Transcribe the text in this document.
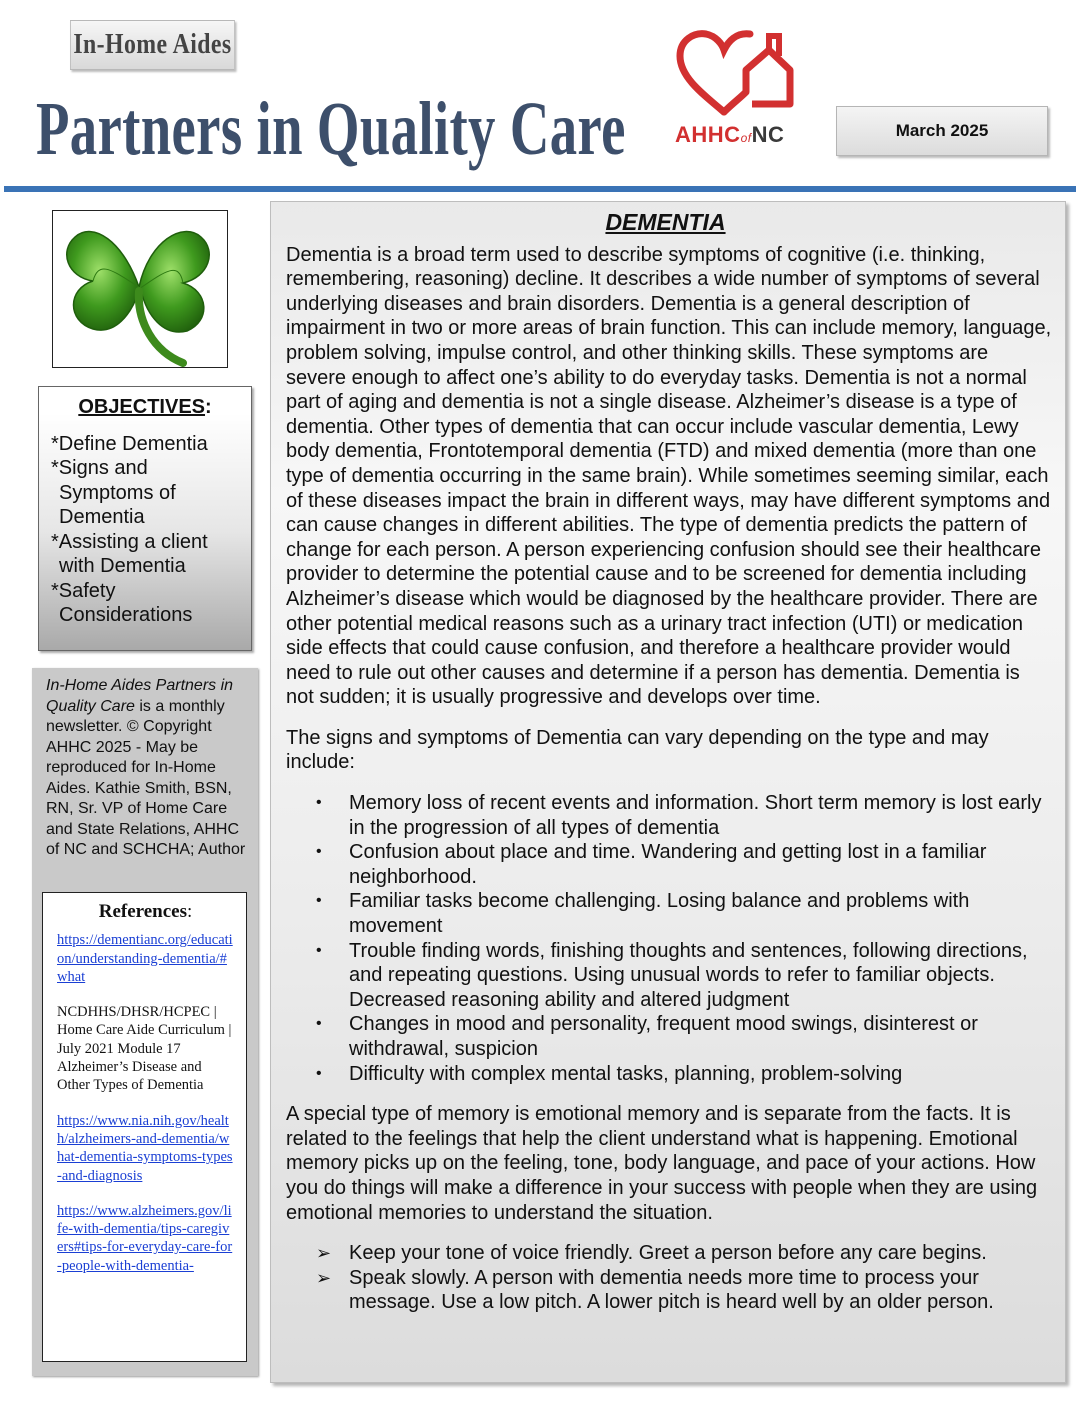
In-Home Aides
Partners in Quality Care AHHCofNC	March 2025
OBJECTIVES:
*Define Dementia
*Signs and Symptoms of Dementia
*Assisting a client with Dementia
*Safety Considerations
In-Home Aides Partners in Quality Care is a monthly newsletter. © Copyright AHHC 2025 - May be reproduced for In-Home Aides. Kathie Smith, BSN, RN, Sr. VP of Home Care and State Relations, AHHC of NC and SCHCHA; Author
References:
https://dementianc.org/education/understanding-dementia/#what
NCDHHS/DHSR/HCPEC | Home Care Aide Curriculum | July 2021 Module 17 Alzheimer’s Disease and Other Types of Dementia
https://www.nia.nih.gov/health/alzheimers-and-dementia/what-dementia-symptoms-types-and-diagnosis
https://www.alzheimers.gov/life-with-dementia/tips-caregivers#tips-for-everyday-care-for-people-with-dementia-
DEMENTIA

Dementia is a broad term used to describe symptoms of cognitive (i.e. thinking, remembering, reasoning) decline. It describes a wide number of symptoms of several underlying diseases and brain disorders. Dementia is a general description of impairment in two or more areas of brain function. This can include memory, language, problem solving, impulse control, and other thinking skills. These symptoms are severe enough to affect one’s ability to do everyday tasks. Dementia is not a normal part of aging and dementia is not a single disease. Alzheimer’s disease is a type of dementia. Other types of dementia that can occur include vascular dementia, Lewy body dementia, Frontotemporal dementia (FTD) and mixed dementia (more than one type of dementia occurring in the same brain). While sometimes seeming similar, each of these diseases impact the brain in different ways, may have different symptoms and can cause changes in different abilities. The type of dementia predicts the pattern of change for each person. A person experiencing confusion should see their healthcare provider to determine the potential cause and to be screened for dementia including Alzheimer’s disease which would be diagnosed by the healthcare provider. There are other potential medical reasons such as a urinary tract infection (UTI) or medication side effects that could cause confusion, and therefore a healthcare provider would need to rule out other causes and determine if a person has dementia. Dementia is not sudden; it is usually progressive and develops over time.

The signs and symptoms of Dementia can vary depending on the type and may include:

• Memory loss of recent events and information. Short term memory is lost early in the progression of all types of dementia
• Confusion about place and time. Wandering and getting lost in a familiar neighborhood.
• Familiar tasks become challenging. Losing balance and problems with movement
• Trouble finding words, finishing thoughts and sentences, following directions, and repeating questions. Using unusual words to refer to familiar objects. Decreased reasoning ability and altered judgment
• Changes in mood and personality, frequent mood swings, disinterest or withdrawal, suspicion
• Difficulty with complex mental tasks, planning, problem-solving

A special type of memory is emotional memory and is separate from the facts. It is related to the feelings that help the client understand what is happening. Emotional memory picks up on the feeling, tone, body language, and pace of your actions. How you do things will make a difference in your success with people when they are using emotional memories to understand the situation.

➢ Keep your tone of voice friendly. Greet a person before any care begins.
➢ Speak slowly. A person with dementia needs more time to process your message. Use a low pitch. A lower pitch is heard well by an older person.
